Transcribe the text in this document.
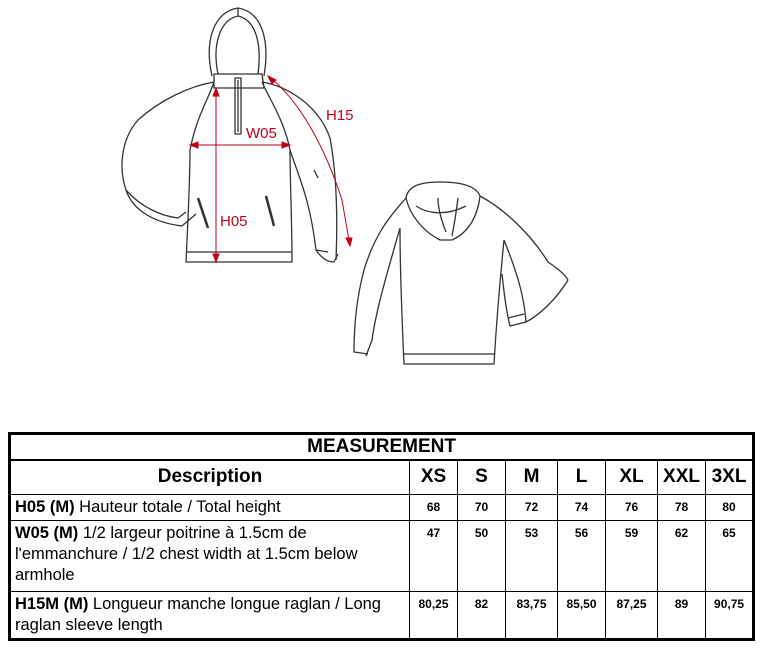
W05
H05
H15
MEASUREMENT							
Description	XS	S	M	L	XL	XXL	3XL
H05 (M) Hauteur totale / Total height	68	70	72	74	76	78	80
W05 (M) 1/2 largeur poitrine à 1.5cm de l'emmanchure / 1/2 chest width at 1.5cm below armhole	47	50	53	56	59	62	65
H15M (M) Longueur manche longue raglan / Long raglan sleeve length	80,25	82	83,75	85,50	87,25	89	90,75
